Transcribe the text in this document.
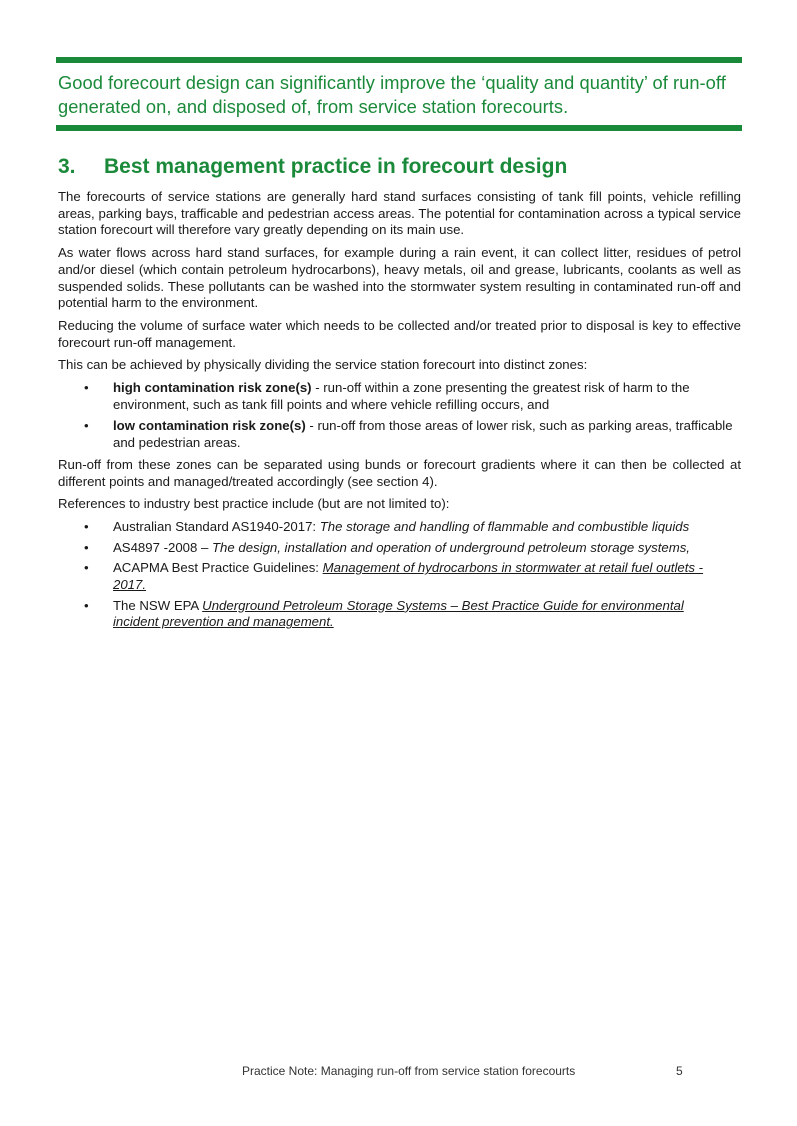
Good forecourt design can significantly improve the ‘quality and quantity’ of run-off generated on, and disposed of, from service station forecourts.
3. Best management practice in forecourt design

The forecourts of service stations are generally hard stand surfaces consisting of tank fill points, vehicle refilling areas, parking bays, trafficable and pedestrian access areas. The potential for contamination across a typical service station forecourt will therefore vary greatly depending on its main use.

As water flows across hard stand surfaces, for example during a rain event, it can collect litter, residues of petrol and/or diesel (which contain petroleum hydrocarbons), heavy metals, oil and grease, lubricants, coolants as well as suspended solids. These pollutants can be washed into the stormwater system resulting in contaminated run-off and potential harm to the environment.

Reducing the volume of surface water which needs to be collected and/or treated prior to disposal is key to effective forecourt run-off management.

This can be achieved by physically dividing the service station forecourt into distinct zones:

• high contamination risk zone(s) - run-off within a zone presenting the greatest risk of harm to the environment, such as tank fill points and where vehicle refilling occurs, and
• low contamination risk zone(s) - run-off from those areas of lower risk, such as parking areas, trafficable and pedestrian areas.

Run-off from these zones can be separated using bunds or forecourt gradients where it can then be collected at different points and managed/treated accordingly (see section 4).

References to industry best practice include (but are not limited to):

• Australian Standard AS1940-2017: The storage and handling of flammable and combustible liquids
• AS4897 -2008 – The design, installation and operation of underground petroleum storage systems,
• ACAPMA Best Practice Guidelines: Management of hydrocarbons in stormwater at retail fuel outlets - 2017.
• The NSW EPA Underground Petroleum Storage Systems – Best Practice Guide for environmental incident prevention and management.
Practice Note: Managing run-off from service station forecourts	5
